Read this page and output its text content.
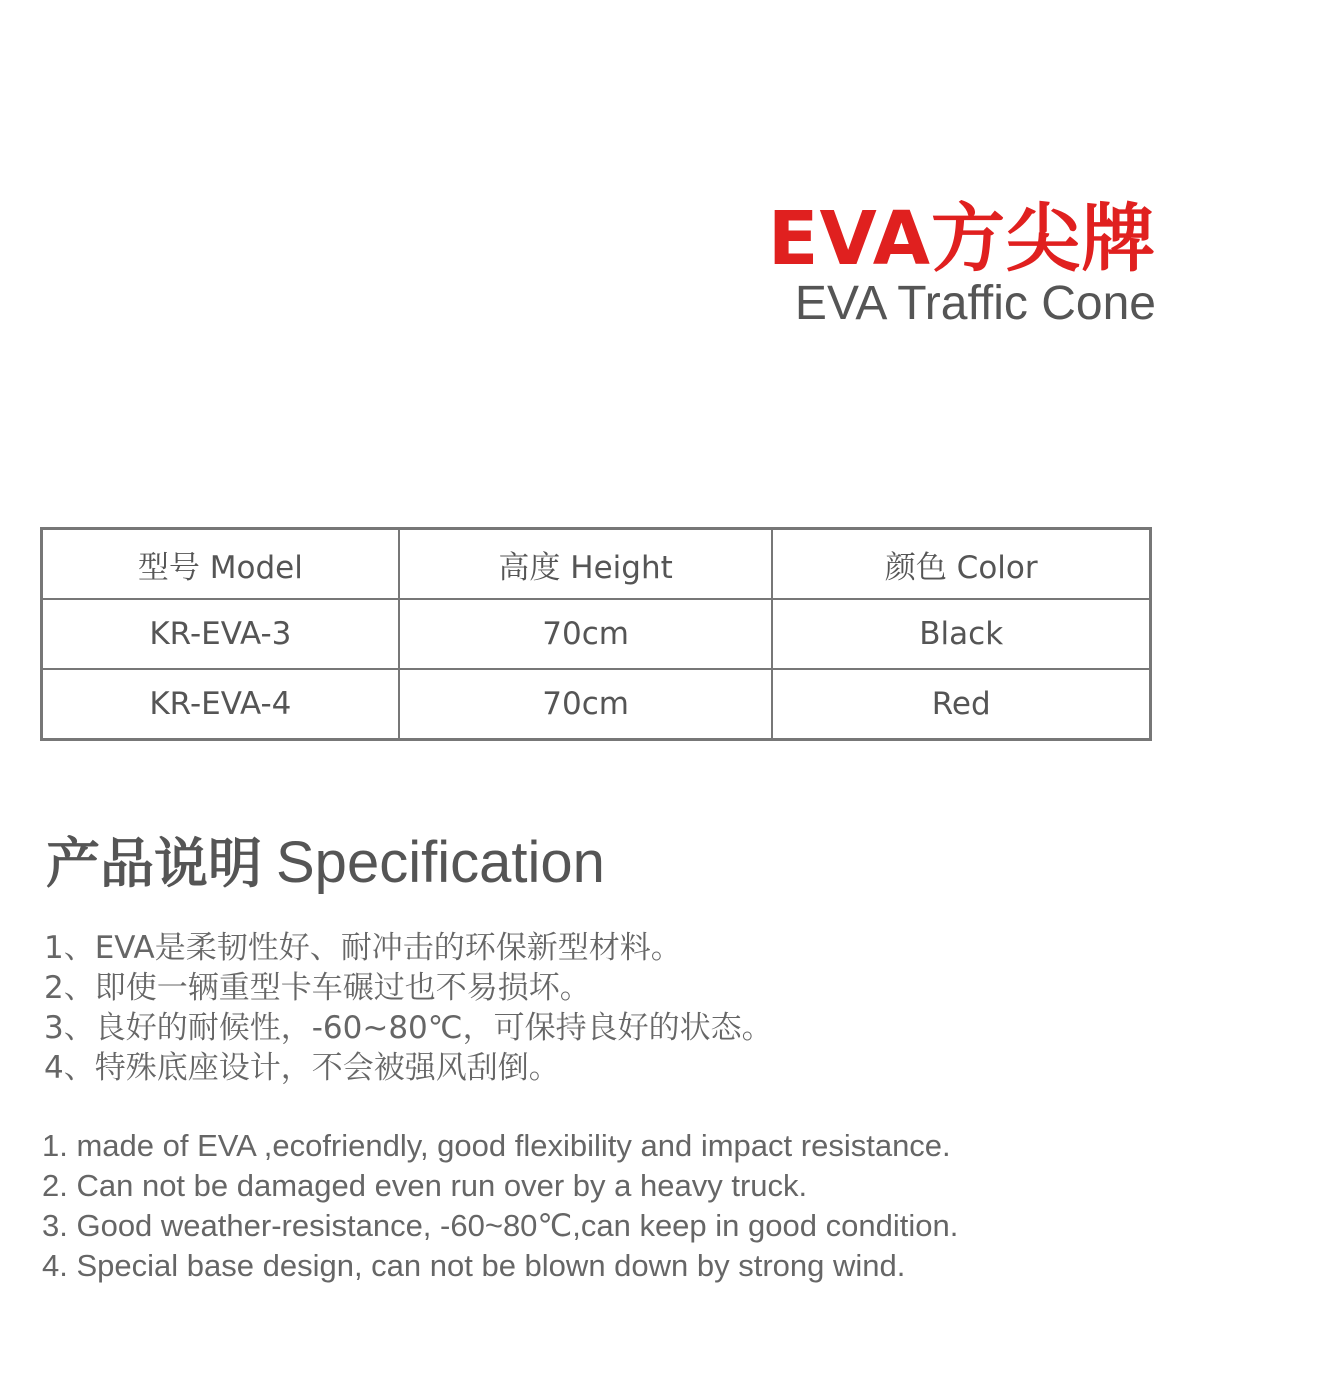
EVA方尖牌
EVA Traffic Cone
型号 Model	高度 Height	颜色 Color
KR-EVA-3	70cm	Black
KR-EVA-4	70cm	Red
产品说明 Specification
1、EVA是柔韧性好、耐冲击的环保新型材料。
2、即使一辆重型卡车碾过也不易损坏。
3、良好的耐候性，-60~80℃，可保持良好的状态。
4、特殊底座设计，不会被强风刮倒。
1. made of EVA ,ecofriendly, good flexibility and impact resistance.
2. Can not be damaged even run over by a heavy truck.
3. Good weather-resistance, -60~80℃,can keep in good condition.
4. Special base design, can not be blown down by strong wind.
